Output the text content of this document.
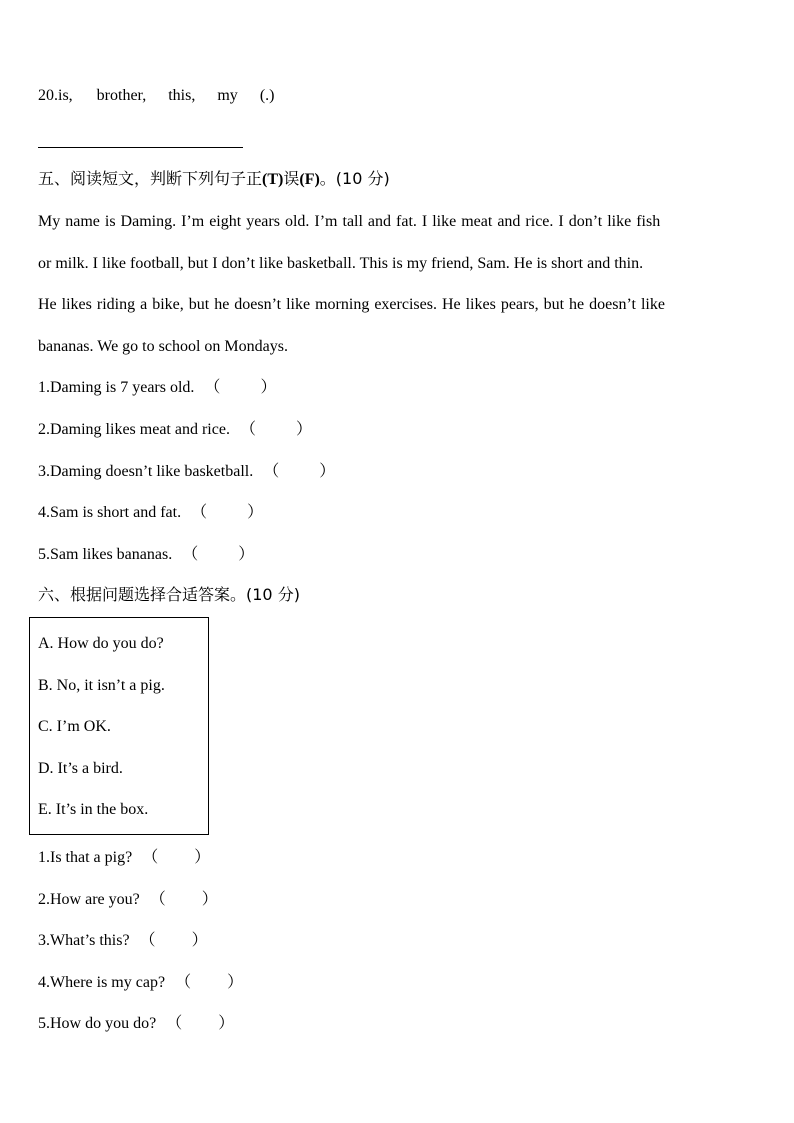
20.is, brother, this, my (.)
五、阅读短文，判断下列句子正(T)误(F)。(10 分)
My name is Daming. I’m eight years old. I’m tall and fat. I like meat and rice. I don’t like fish
or milk. I like football, but I don’t like basketball. This is my friend, Sam. He is short and thin.
He likes riding a bike, but he doesn’t like morning exercises. He likes pears, but he doesn’t like
bananas. We go to school on Mondays.
1.Daming is 7 years old. （	）
2.Daming likes meat and rice. （	）
3.Daming doesn’t like basketball. （	）
4.Sam is short and fat. （	）
5.Sam likes bananas. （	）
六、根据问题选择合适答案。(10 分)
A. How do you do?
B. No, it isn’t a pig.
C. I’m OK.
D. It’s a bird.
E. It’s in the box.
1.Is that a pig? （ ）
2.How are you? （ ）
3.What’s this? （ ）
4.Where is my cap? （ ）
5.How do you do? （ ）
